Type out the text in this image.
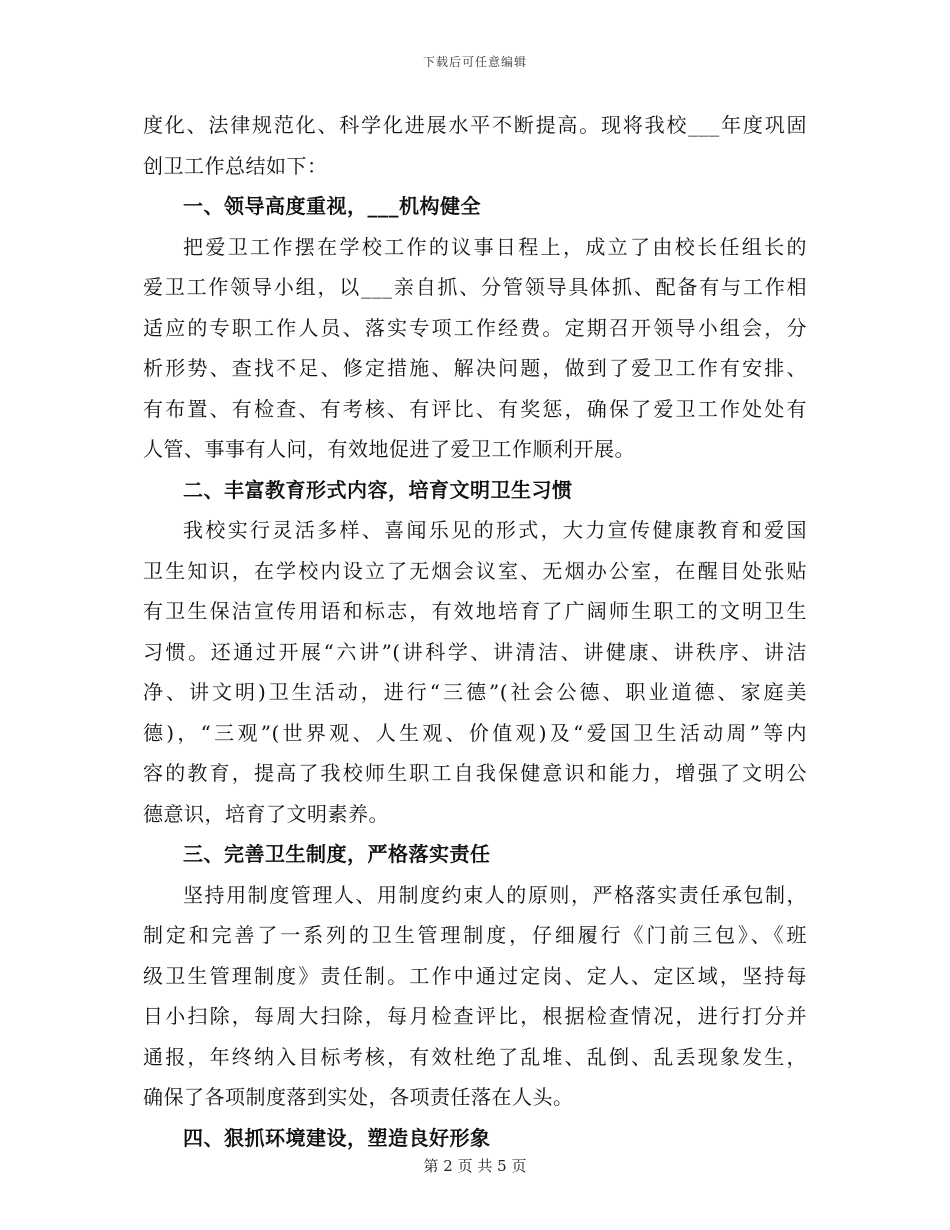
下载后可任意编辑
度化、法律规范化、科学化进展水平不断提高。现将我校___年度巩固
创卫工作总结如下：
一、领导高度重视，___机构健全
把爱卫工作摆在学校工作的议事日程上，成立了由校长任组长的
爱卫工作领导小组，以___亲自抓、分管领导具体抓、配备有与工作相
适应的专职工作人员、落实专项工作经费。定期召开领导小组会，分
析形势、查找不足、修定措施、解决问题，做到了爱卫工作有安排、
有布置、有检查、有考核、有评比、有奖惩，确保了爱卫工作处处有
人管、事事有人问，有效地促进了爱卫工作顺利开展。
二、丰富教育形式内容，培育文明卫生习惯
我校实行灵活多样、喜闻乐见的形式，大力宣传健康教育和爱国
卫生知识，在学校内设立了无烟会议室、无烟办公室，在醒目处张贴
有卫生保洁宣传用语和标志，有效地培育了广阔师生职工的文明卫生
习惯。还通过开展“六讲”(讲科学、讲清洁、讲健康、讲秩序、讲洁
净、讲文明)卫生活动，进行“三德”(社会公德、职业道德、家庭美
德)，“三观”(世界观、人生观、价值观)及“爱国卫生活动周”等内
容的教育，提高了我校师生职工自我保健意识和能力，增强了文明公
德意识，培育了文明素养。
三、完善卫生制度，严格落实责任
坚持用制度管理人、用制度约束人的原则，严格落实责任承包制，
制定和完善了一系列的卫生管理制度，仔细履行《门前三包》、《班
级卫生管理制度》责任制。工作中通过定岗、定人、定区域，坚持每
日小扫除，每周大扫除，每月检查评比，根据检查情况，进行打分并
通报，年终纳入目标考核，有效杜绝了乱堆、乱倒、乱丢现象发生，
确保了各项制度落到实处，各项责任落在人头。
四、狠抓环境建设，塑造良好形象
第 2 页 共 5 页
